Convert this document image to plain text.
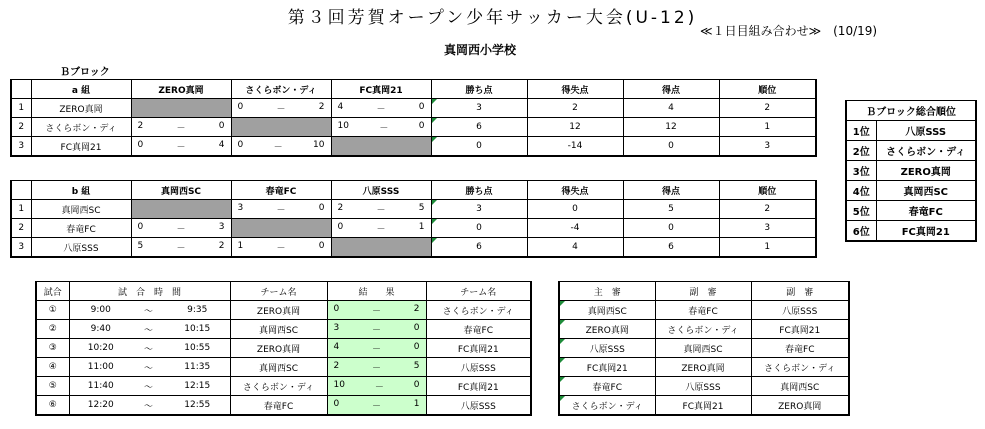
第３回芳賀オープン少年サッカー大会(U-12)
≪１日目組み合わせ≫　(10/19)
真岡西小学校
Ｂブロック
	a 組	ZERO真岡	さくらボン・ディ	FC真岡21	勝ち点	得失点	得点	順位
1	ZERO真岡		0 － 2	4 － 0	3	2	4	2
2	さくらボン・ディ	2 － 0		10 － 0	6	12	12	1
3	FC真岡21	0 － 4	0 － 10		0	-14	0	3
	b 組	真岡西SC	春竜FC	八原SSS	勝ち点	得失点	得点	順位
1	真岡西SC		3 － 0	2 － 5	3	0	5	2
2	春竜FC	0 － 3		0 － 1	0	-4	0	3
3	八原SSS	5 － 2	1 － 0		6	4	6	1
Ｂブロック総合順位	
1位	八原SSS
2位	さくらボン・ディ
3位	ZERO真岡
4位	真岡西SC
5位	春竜FC
6位	FC真岡21
試合	試　合　時　間			チーム名	結　　果	チーム名
①	9:00	～	9:35	ZERO真岡	0 － 2	さくらボン・ディ
②	9:40	～	10:15	真岡西SC	3 － 0	春竜FC
③	10:20	～	10:55	ZERO真岡	4 － 0	FC真岡21
④	11:00	～	11:35	真岡西SC	2 － 5	八原SSS
⑤	11:40	～	12:15	さくらボン・ディ	10 － 0	FC真岡21
⑥	12:20	～	12:55	春竜FC	0 － 1	八原SSS
主　審	副　審	副　審
真岡西SC	春竜FC	八原SSS
ZERO真岡	さくらボン・ディ	FC真岡21
八原SSS	真岡西SC	春竜FC
FC真岡21	ZERO真岡	さくらボン・ディ
春竜FC	八原SSS	真岡西SC
さくらボン・ディ	FC真岡21	ZERO真岡
